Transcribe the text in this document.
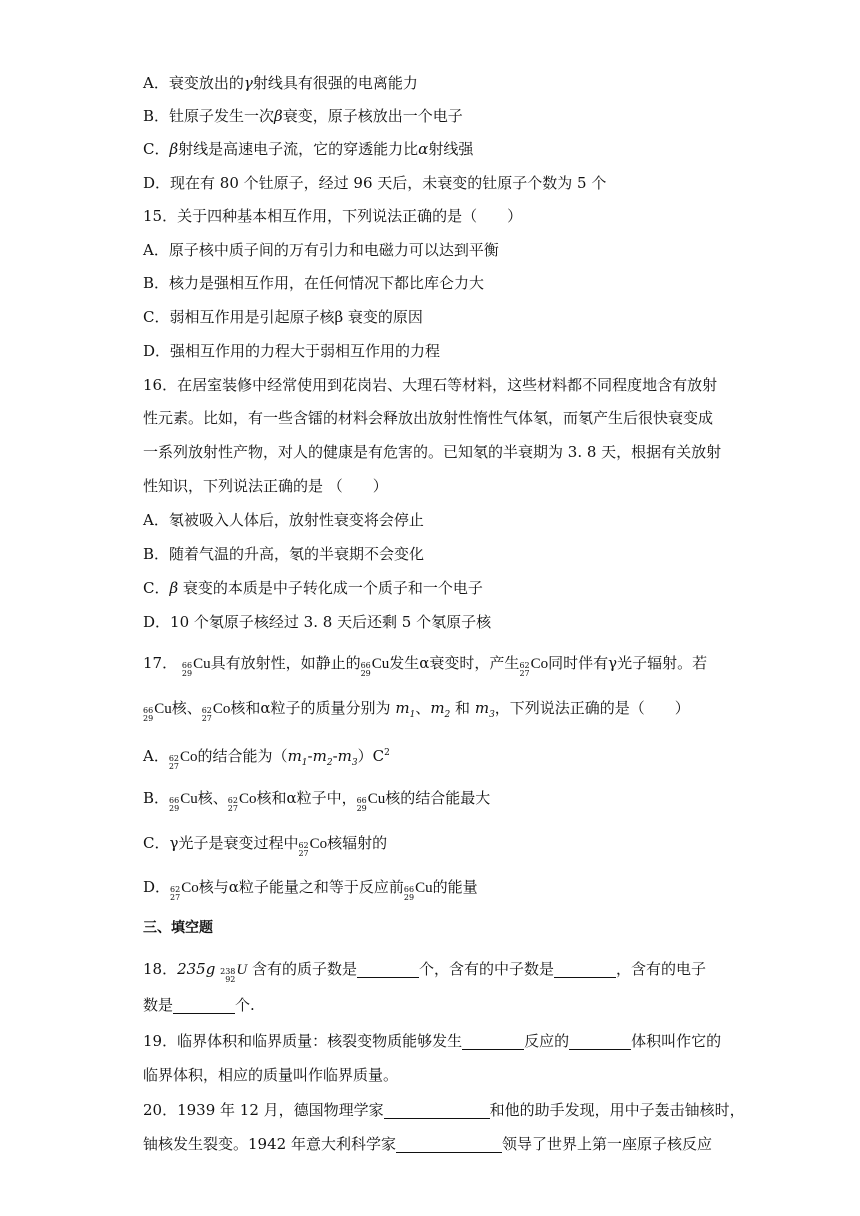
A．衰变放出的γ射线具有很强的电离能力
B．钍原子发生一次β衰变，原子核放出一个电子
C．β射线是高速电子流，它的穿透能力比α射线强
D．现在有 80 个钍原子，经过 96 天后，未衰变的钍原子个数为 5 个
15．关于四种基本相互作用，下列说法正确的是（　　）
A．原子核中质子间的万有引力和电磁力可以达到平衡
B．核力是强相互作用，在任何情况下都比库仑力大
C．弱相互作用是引起原子核β 衰变的原因
D．强相互作用的力程大于弱相互作用的力程
16．在居室装修中经常使用到花岗岩、大理石等材料，这些材料都不同程度地含有放射
性元素。比如，有一些含镭的材料会释放出放射性惰性气体氡，而氡产生后很快衰变成
一系列放射性产物，对人的健康是有危害的。已知氡的半衰期为 3. 8 天，根据有关放射
性知识，下列说法正确的是 （　　）
A．氡被吸入人体后，放射性衰变将会停止
B．随着气温的升高，氡的半衰期不会变化
C．β 衰变的本质是中子转化成一个质子和一个电子
D．10 个氡原子核经过 3. 8 天后还剩 5 个氡原子核
17． 66
29
Cu 具有放射性，如静止的 66
29
Cu 发生α衰变时，产生 62
27
Co 同时伴有γ光子辐射。若
66
29
Cu 核、 62
27
Co 核和α粒子的质量分别为 $m_1$、$m_2$ 和 $m_3$，下列说法正确的是（　　）
A． 62
27
Co 的结合能为$(m_1-m_2-m_3)C^2$
B． 66
29
Cu 核、 62
27
Co 核和α粒子中， 66
29
Cu 核的结合能最大
C．γ光子是衰变过程中 62
27
Co 核辐射的
D． 62
27
Co 核与α粒子能量之和等于反应前 66
29
Cu 的能量
三、填空题
18．235g 238
92
U 含有的质子数是	个，含有的中子数是	，含有的电子
数是	个.
19．临界体积和临界质量：核裂变物质能够发生	反应的	体积叫作它的
临界体积，相应的质量叫作临界质量。
20．1939 年 12 月，德国物理学家	和他的助手发现，用中子轰击铀核时，
铀核发生裂变。1942 年意大利科学家	领导了世界上第一座原子核反应
